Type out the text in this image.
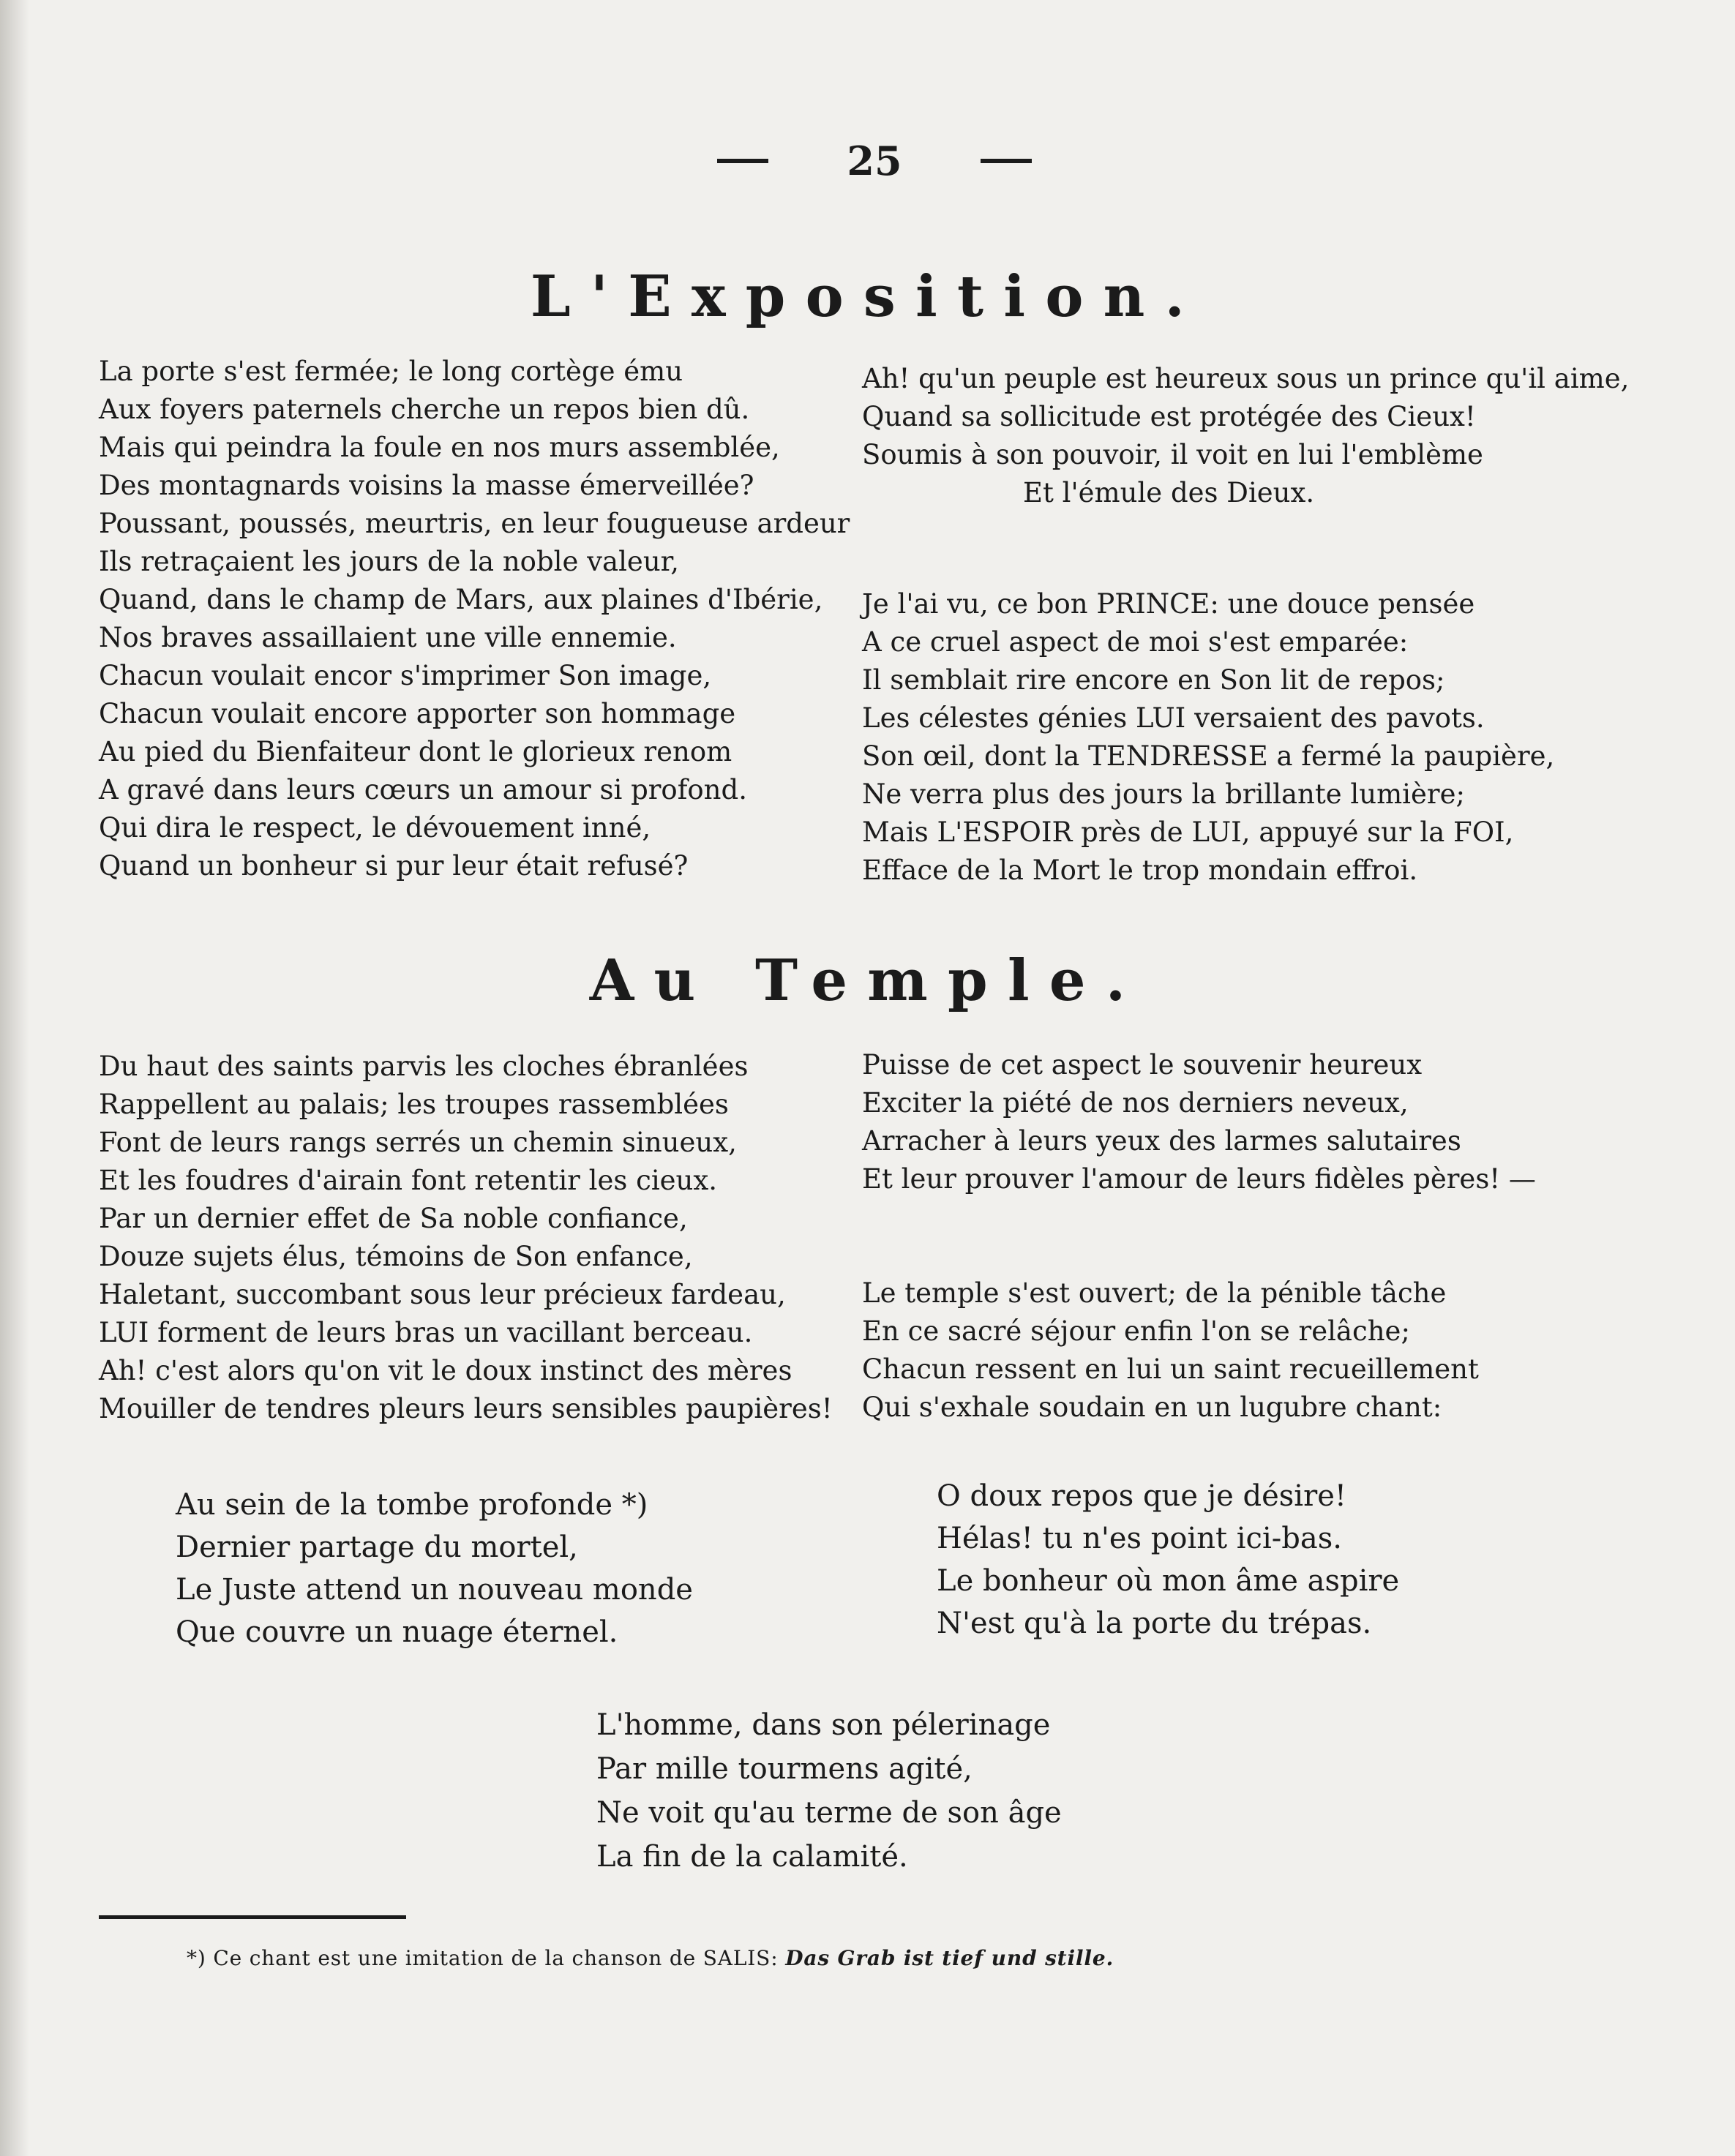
25
L'Exposition.
La porte s'est fermée; le long cortège ému
Aux foyers paternels cherche un repos bien dû.
Mais qui peindra la foule en nos murs assemblée,
Des montagnards voisins la masse émerveillée?
Poussant, poussés, meurtris, en leur fougueuse ardeur
Ils retraçaient les jours de la noble valeur,
Quand, dans le champ de Mars, aux plaines d'Ibérie,
Nos braves assaillaient une ville ennemie.
Chacun voulait encor s'imprimer Son image,
Chacun voulait encore apporter son hommage
Au pied du Bienfaiteur dont le glorieux renom
A gravé dans leurs cœurs un amour si profond.
Qui dira le respect, le dévouement inné,
Quand un bonheur si pur leur était refusé?
Ah! qu'un peuple est heureux sous un prince qu'il aime,
Quand sa sollicitude est protégée des Cieux!
Soumis à son pouvoir, il voit en lui l'emblème
Et l'émule des Dieux.
Je l'ai vu, ce bon PRINCE: une douce pensée
A ce cruel aspect de moi s'est emparée:
Il semblait rire encore en Son lit de repos;
Les célestes génies LUI versaient des pavots.
Son œil, dont la TENDRESSE a fermé la paupière,
Ne verra plus des jours la brillante lumière;
Mais L'ESPOIR près de LUI, appuyé sur la FOI,
Efface de la Mort le trop mondain effroi.
Au Temple.
Du haut des saints parvis les cloches ébranlées
Rappellent au palais; les troupes rassemblées
Font de leurs rangs serrés un chemin sinueux,
Et les foudres d'airain font retentir les cieux.
Par un dernier effet de Sa noble confiance,
Douze sujets élus, témoins de Son enfance,
Haletant, succombant sous leur précieux fardeau,
LUI forment de leurs bras un vacillant berceau.
Ah! c'est alors qu'on vit le doux instinct des mères
Mouiller de tendres pleurs leurs sensibles paupières!
Puisse de cet aspect le souvenir heureux
Exciter la piété de nos derniers neveux,
Arracher à leurs yeux des larmes salutaires
Et leur prouver l'amour de leurs fidèles pères! —
Le temple s'est ouvert; de la pénible tâche
En ce sacré séjour enfin l'on se relâche;
Chacun ressent en lui un saint recueillement
Qui s'exhale soudain en un lugubre chant:
Au sein de la tombe profonde *)
Dernier partage du mortel,
Le Juste attend un nouveau monde
Que couvre un nuage éternel.
O doux repos que je désire!
Hélas! tu n'es point ici-bas.
Le bonheur où mon âme aspire
N'est qu'à la porte du trépas.
L'homme, dans son pélerinage
Par mille tourmens agité,
Ne voit qu'au terme de son âge
La fin de la calamité.
*) Ce chant est une imitation de la chanson de SALIS: Das Grab ist tief und stille.
